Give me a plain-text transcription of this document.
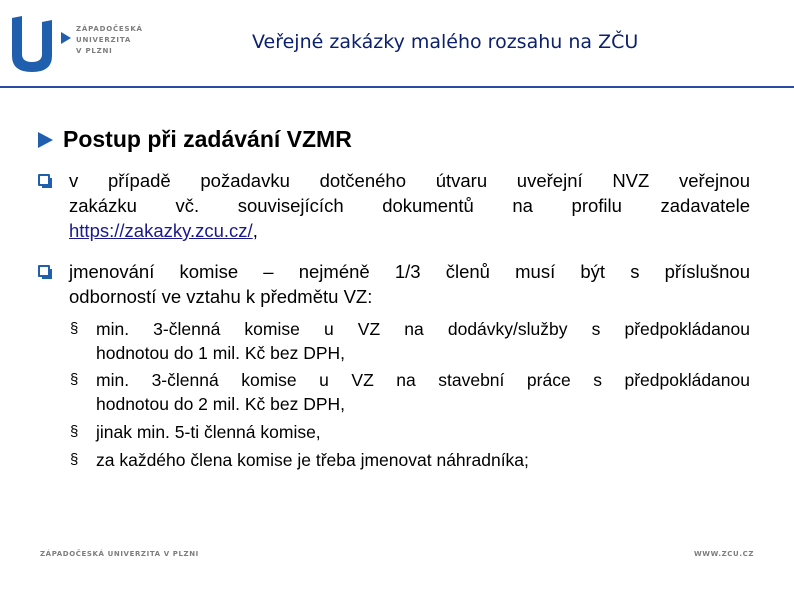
ZÁPADOČESKÁ
UNIVERZITA
V PLZNI	Veřejné zakázky malého rozsahu na ZČU
Postup při zadávání VZMR
v případě požadavku dotčeného útvaru uveřejní NVZ veřejnou
zakázku vč. souvisejících dokumentů na profilu zadavatele
https://zakazky.zcu.cz/,
jmenování komise – nejméně 1/3 členů musí být s příslušnou
odborností ve vztahu k předmětu VZ:
§ min. 3-členná komise u VZ na dodávky/služby s předpokládanou
hodnotou do 1 mil. Kč bez DPH,
§ min. 3-členná komise u VZ na stavební práce s předpokládanou
hodnotou do 2 mil. Kč bez DPH,
§ jinak min. 5-ti členná komise,
§ za každého člena komise je třeba jmenovat náhradníka;
ZÁPADOČESKÁ UNIVERZITA V PLZNI	WWW.ZCU.CZ
